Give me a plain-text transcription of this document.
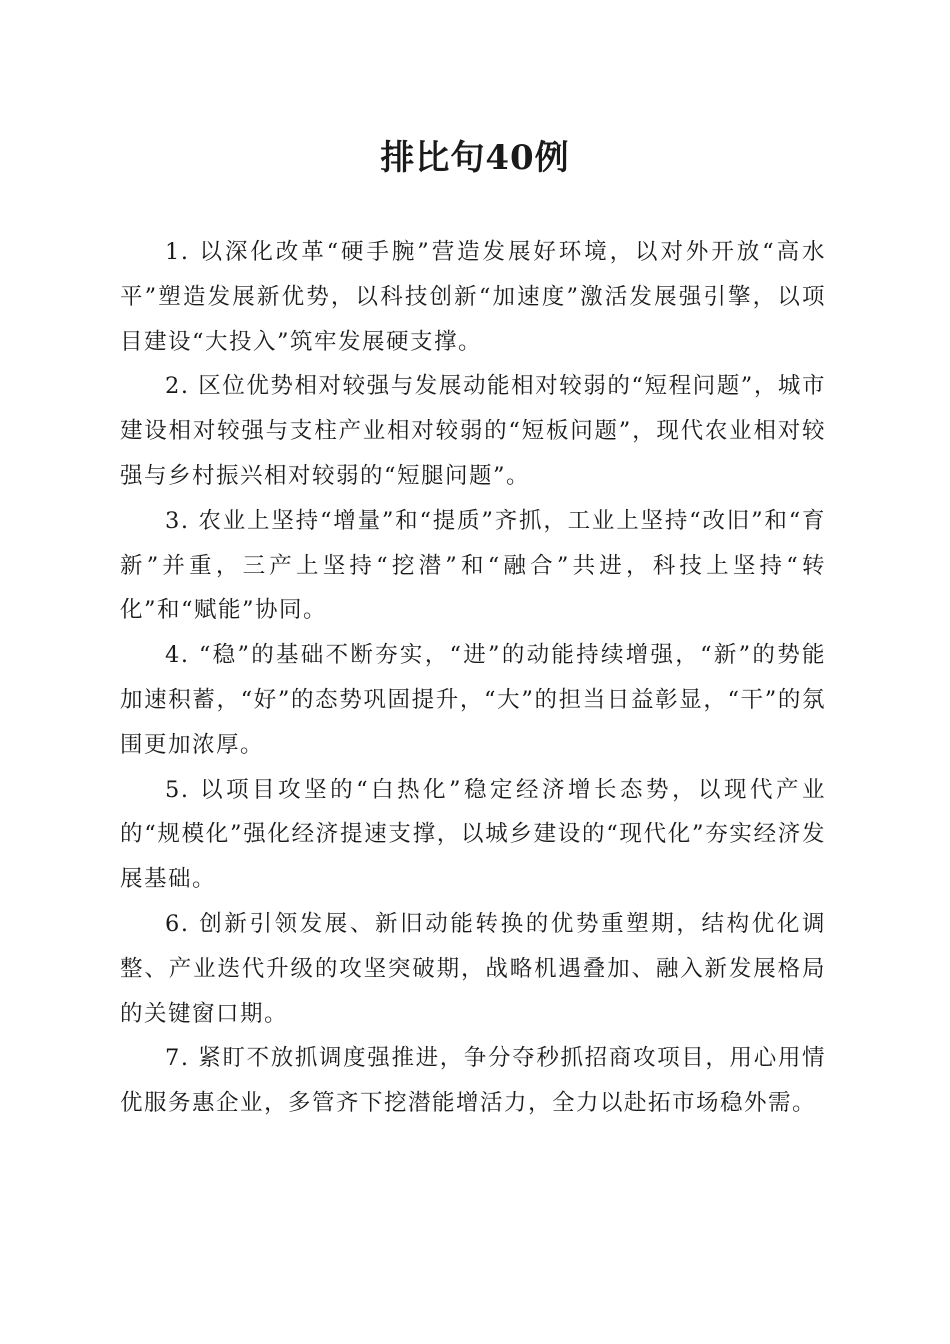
排比句40例

1. 以深化改革“硬手腕”营造发展好环境，以对外开放“高水平”塑造发展新优势，以科技创新“加速度”激活发展强引擎，以项目建设“大投入”筑牢发展硬支撑。

2. 区位优势相对较强与发展动能相对较弱的“短程问题”，城市建设相对较强与支柱产业相对较弱的“短板问题”，现代农业相对较强与乡村振兴相对较弱的“短腿问题”。

3. 农业上坚持“增量”和“提质”齐抓，工业上坚持“改旧”和“育新”并重，三产上坚持“挖潜”和“融合”共进，科技上坚持“转化”和“赋能”协同。

4. “稳”的基础不断夯实，“进”的动能持续增强，“新”的势能加速积蓄，“好”的态势巩固提升，“大”的担当日益彰显，“干”的氛围更加浓厚。

5. 以项目攻坚的“白热化”稳定经济增长态势，以现代产业的“规模化”强化经济提速支撑，以城乡建设的“现代化”夯实经济发展基础。

6. 创新引领发展、新旧动能转换的优势重塑期，结构优化调整、产业迭代升级的攻坚突破期，战略机遇叠加、融入新发展格局的关键窗口期。

7. 紧盯不放抓调度强推进，争分夺秒抓招商攻项目，用心用情优服务惠企业，多管齐下挖潜能增活力，全力以赴拓市场稳外需。
